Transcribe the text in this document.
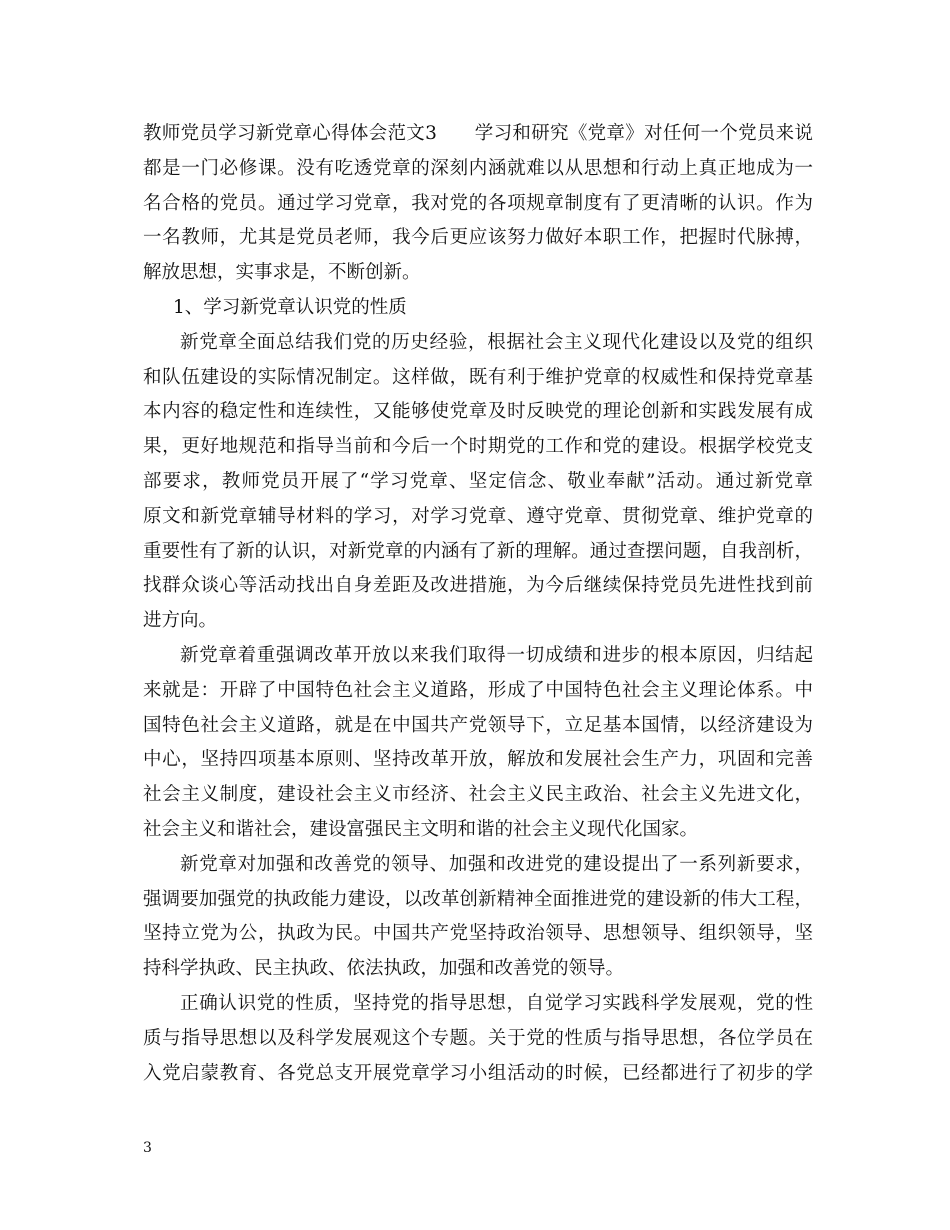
教师党员学习新党章心得体会范文3　　学习和研究《党章》对任何一个党员来说
都是一门必修课。没有吃透党章的深刻内涵就难以从思想和行动上真正地成为一
名合格的党员。通过学习党章，我对党的各项规章制度有了更清晰的认识。作为
一名教师，尤其是党员老师，我今后更应该努力做好本职工作，把握时代脉搏，
解放思想，实事求是，不断创新。
1、学习新党章认识党的性质
新党章全面总结我们党的历史经验，根据社会主义现代化建设以及党的组织
和队伍建设的实际情况制定。这样做，既有利于维护党章的权威性和保持党章基
本内容的稳定性和连续性，又能够使党章及时反映党的理论创新和实践发展有成
果，更好地规范和指导当前和今后一个时期党的工作和党的建设。根据学校党支
部要求，教师党员开展了“学习党章、坚定信念、敬业奉献”活动。通过新党章
原文和新党章辅导材料的学习，对学习党章、遵守党章、贯彻党章、维护党章的
重要性有了新的认识，对新党章的内涵有了新的理解。通过查摆问题，自我剖析，
找群众谈心等活动找出自身差距及改进措施，为今后继续保持党员先进性找到前
进方向。
新党章着重强调改革开放以来我们取得一切成绩和进步的根本原因，归结起
来就是：开辟了中国特色社会主义道路，形成了中国特色社会主义理论体系。中
国特色社会主义道路，就是在中国共产党领导下，立足基本国情，以经济建设为
中心，坚持四项基本原则、坚持改革开放，解放和发展社会生产力，巩固和完善
社会主义制度，建设社会主义市经济、社会主义民主政治、社会主义先进文化，
社会主义和谐社会，建设富强民主文明和谐的社会主义现代化国家。
新党章对加强和改善党的领导、加强和改进党的建设提出了一系列新要求，
强调要加强党的执政能力建设，以改革创新精神全面推进党的建设新的伟大工程，
坚持立党为公，执政为民。中国共产党坚持政治领导、思想领导、组织领导，坚
持科学执政、民主执政、依法执政，加强和改善党的领导。
正确认识党的性质，坚持党的指导思想，自觉学习实践科学发展观，党的性
质与指导思想以及科学发展观这个专题。关于党的性质与指导思想，各位学员在
入党启蒙教育、各党总支开展党章学习小组活动的时候，已经都进行了初步的学
3
